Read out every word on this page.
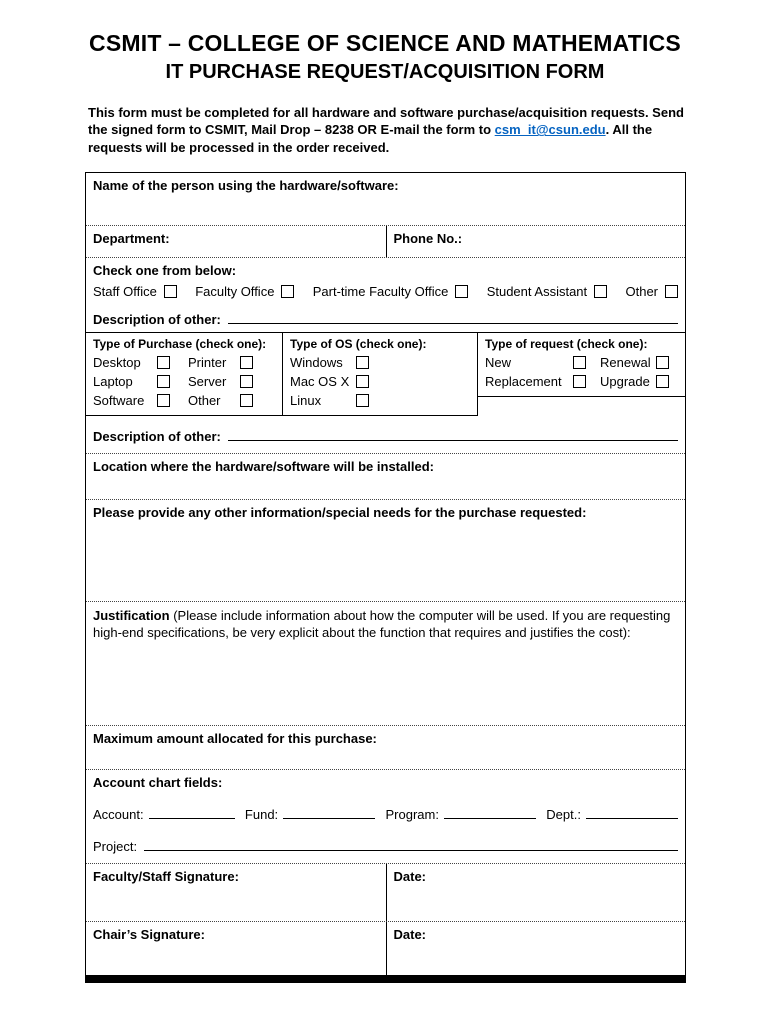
CSMIT – COLLEGE OF SCIENCE AND MATHEMATICS
IT PURCHASE REQUEST/ACQUISITION FORM
This form must be completed for all hardware and software purchase/acquisition requests. Send the signed form to CSMIT, Mail Drop – 8238 OR E-mail the form to csm_it@csun.edu. All the requests will be processed in the order received.
Name of the person using the hardware/software:
Department:	Phone No.:
Check one from below:
Staff Office	Faculty Office	Part-time Faculty Office	Student Assistant	Other
Description of other:
Type of Purchase (check one):
Desktop	Printer
Laptop	Server
Software	Other
Type of OS (check one):
Windows
Mac OS X
Linux
Type of request (check one):
New	Renewal
Replacement	Upgrade
Description of other:
Location where the hardware/software will be installed:
Please provide any other information/special needs for the purchase requested:
Justification (Please include information about how the computer will be used. If you are requesting high-end specifications, be very explicit about the function that requires and justifies the cost):
Maximum amount allocated for this purchase:
Account chart fields:
Account:	Fund:	Program:	Dept.:
Project:
Faculty/Staff Signature:	Date:
Chair’s Signature:	Date:
